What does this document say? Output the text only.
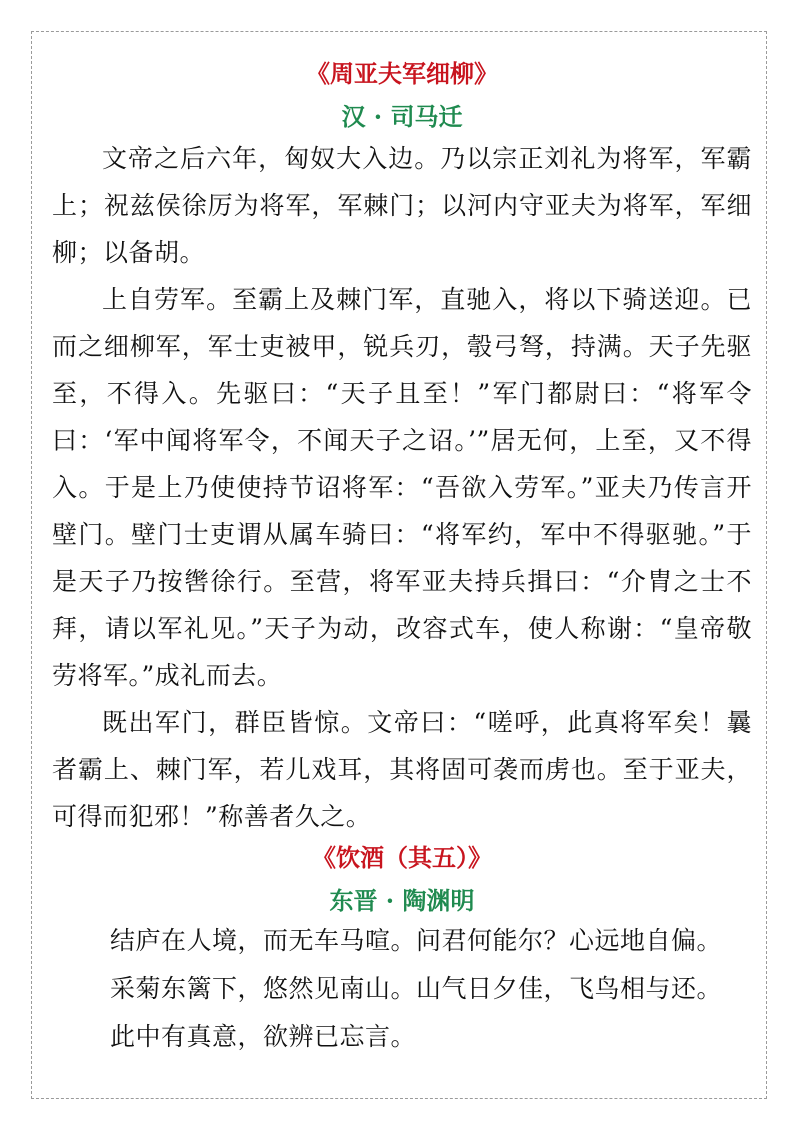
《周亚夫军细柳》
汉 · 司马迁

文帝之后六年，匈奴大入边。乃以宗正刘礼为将军，军霸上；祝兹侯徐厉为将军，军棘门；以河内守亚夫为将军，军细柳；以备胡。

上自劳军。至霸上及棘门军，直驰入，将以下骑送迎。已而之细柳军，军士吏被甲，锐兵刃，彀弓弩，持满。天子先驱至，不得入。先驱曰：“天子且至！”军门都尉曰：“将军令曰：‘军中闻将军令，不闻天子之诏。’”居无何，上至，又不得入。于是上乃使使持节诏将军：“吾欲入劳军。”亚夫乃传言开壁门。壁门士吏谓从属车骑曰：“将军约，军中不得驱驰。”于是天子乃按辔徐行。至营，将军亚夫持兵揖曰：“介胄之士不拜，请以军礼见。”天子为动，改容式车，使人称谢：“皇帝敬劳将军。”成礼而去。

既出军门，群臣皆惊。文帝曰：“嗟呼，此真将军矣！曩者霸上、棘门军，若儿戏耳，其将固可袭而虏也。至于亚夫，可得而犯邪！”称善者久之。

《饮酒（其五）》
东晋 · 陶渊明
结庐在人境，而无车马喧。问君何能尔？心远地自偏。
采菊东篱下，悠然见南山。山气日夕佳，飞鸟相与还。
此中有真意，欲辨已忘言。
